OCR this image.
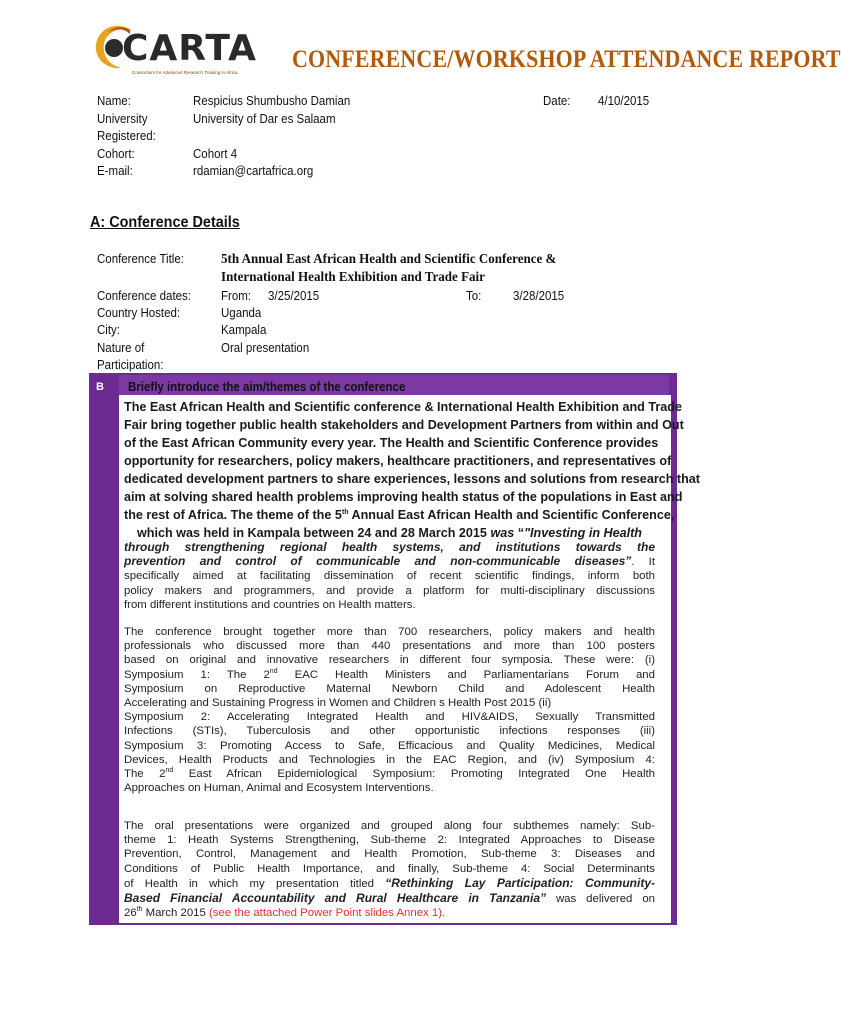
CARTA
Consortium for Advanced Research Training in Africa CONFERENCE/WORKSHOP ATTENDANCE REPORT
Name:	Respicius Shumbusho Damian	Date: 4/10/2015
University	University of Dar es Salaam
Registered:
Cohort:	Cohort 4
E-mail:	rdamian@cartafrica.org
A: Conference Details
Conference Title:	5th Annual East African Health and Scientific Conference &
International Health Exhibition and Trade Fair
Conference dates: From: 3/25/2015	To:	3/28/2015
Country Hosted:	Uganda
City:	Kampala
Nature of	Oral presentation
Participation:
B Briefly introduce the aim/themes of the conference
The East African Health and Scientific conference & International Health Exhibition and Trade
Fair bring together public health stakeholders and Development Partners from within and Out
of the East African Community every year. The Health and Scientific Conference provides
opportunity for researchers, policy makers, healthcare practitioners, and representatives of
dedicated development partners to share experiences, lessons and solutions from research that
aim at solving shared health problems improving health status of the populations in East and
the rest of Africa. The theme of the 5th Annual East African Health and Scientific Conference,
which was held in Kampala between 24 and 28 March 2015 was “"Investing in Health
through strengthening regional health systems, and institutions towards the
prevention and control of communicable and non-communicable diseases”. It
specifically aimed at facilitating dissemination of recent scientific findings, inform both
policy makers and programmers, and provide a platform for multi-disciplinary discussions
from different institutions and countries on Health matters.
The conference brought together more than 700 researchers, policy makers and health
professionals who discussed more than 440 presentations and more than 100 posters
based on original and innovative researchers in different four symposia. These were: (i)
Symposium 1: The 2nd EAC Health Ministers and Parliamentarians Forum and
Symposium on Reproductive Maternal Newborn Child and Adolescent Health
Accelerating and Sustaining Progress in Women and Children s Health Post 2015 (ii)
Symposium 2: Accelerating Integrated Health and HIV&AIDS, Sexually Transmitted
Infections (STIs), Tuberculosis and other opportunistic infections responses (iii)
Symposium 3: Promoting Access to Safe, Efficacious and Quality Medicines, Medical
Devices, Health Products and Technologies in the EAC Region, and (iv) Symposium 4:
The 2nd East African Epidemiological Symposium: Promoting Integrated One Health
Approaches on Human, Animal and Ecosystem Interventions.
The oral presentations were organized and grouped along four subthemes namely: Sub-
theme 1: Heath Systems Strengthening, Sub-theme 2: Integrated Approaches to Disease
Prevention, Control, Management and Health Promotion, Sub-theme 3: Diseases and
Conditions of Public Health Importance, and finally, Sub-theme 4: Social Determinants
of Health in which my presentation titled “Rethinking Lay Participation: Community-
Based Financial Accountability and Rural Healthcare in Tanzania” was delivered on
26th March 2015 (see the attached Power Point slides Annex 1).
